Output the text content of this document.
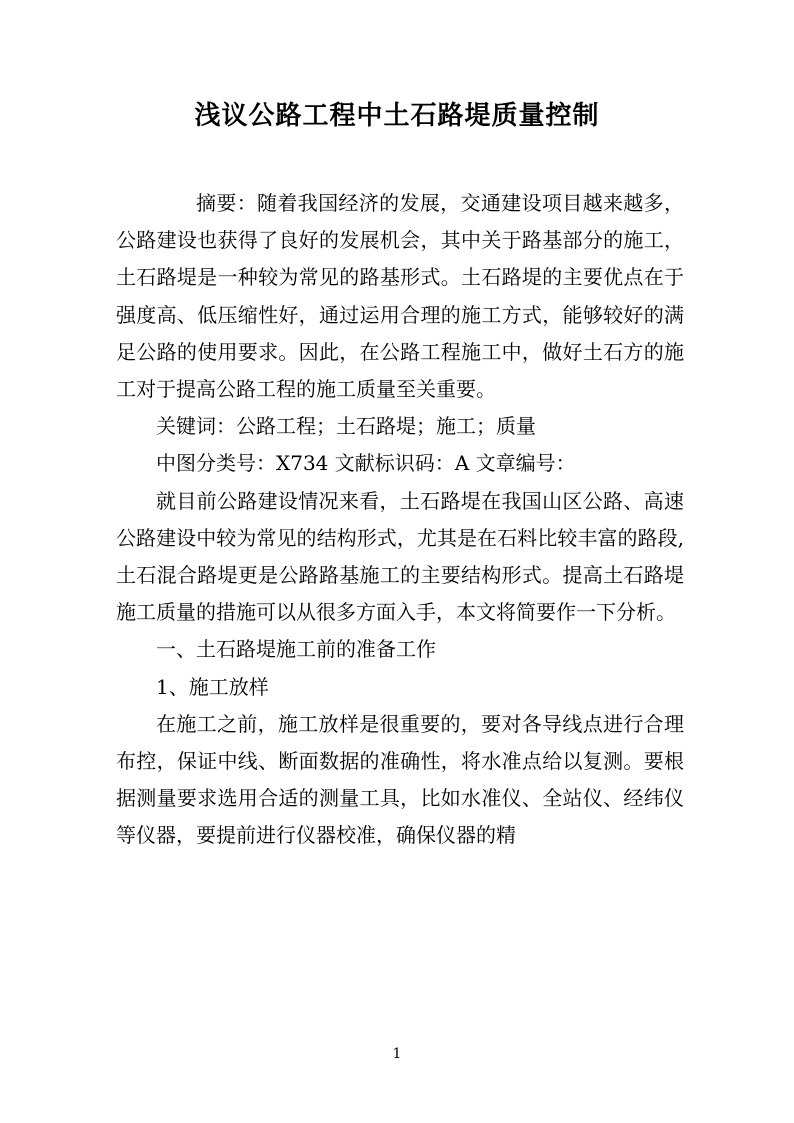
浅议公路工程中土石路堤质量控制

摘要：随着我国经济的发展，交通建设项目越来越多，公路建设也获得了良好的发展机会，其中关于路基部分的施工，土石路堤是一种较为常见的路基形式。土石路堤的主要优点在于强度高、低压缩性好，通过运用合理的施工方式，能够较好的满足公路的使用要求。因此，在公路工程施工中，做好土石方的施工对于提高公路工程的施工质量至关重要。

关键词：公路工程；土石路堤；施工；质量

中图分类号：X734 文献标识码：A 文章编号：

就目前公路建设情况来看，土石路堤在我国山区公路、高速公路建设中较为常见的结构形式，尤其是在石料比较丰富的路段,土石混合路堤更是公路路基施工的主要结构形式。提高土石路堤施工质量的措施可以从很多方面入手，本文将简要作一下分析。

一、土石路堤施工前的准备工作

1、施工放样

在施工之前，施工放样是很重要的，要对各导线点进行合理布控，保证中线、断面数据的准确性，将水准点给以复测。要根据测量要求选用合适的测量工具，比如水准仪、全站仪、经纬仪等仪器，要提前进行仪器校准，确保仪器的精

1
